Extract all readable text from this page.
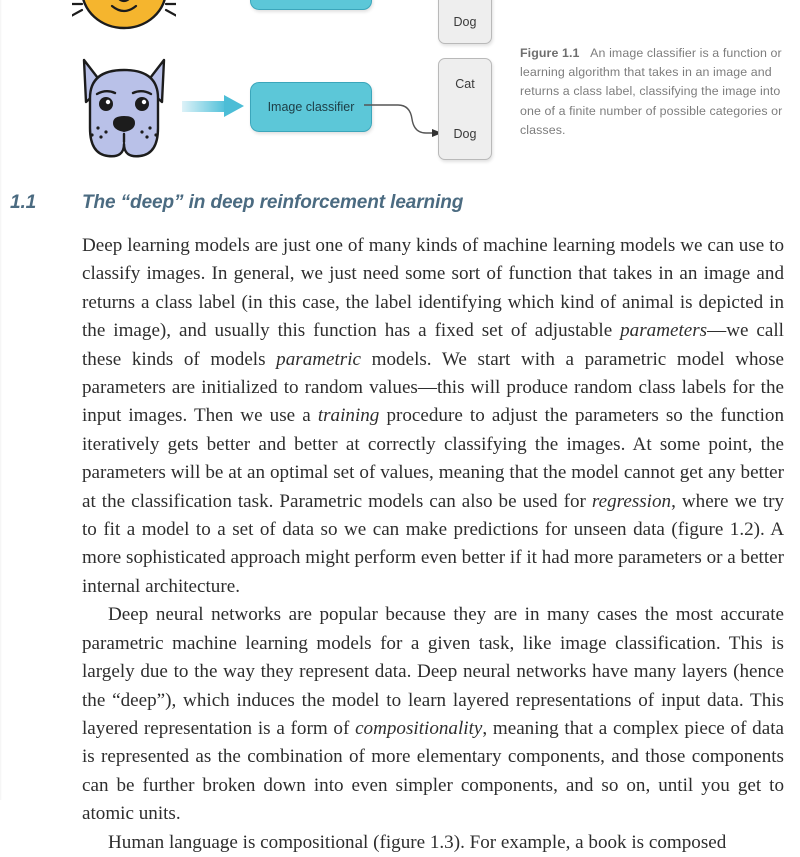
Image classifier
Dog
Cat
Dog
Figure 1.1 An image classifier is a function or learning algorithm that takes in an image and returns a class label, classifying the image into one of a finite number of possible categories or classes.
1.1	The “deep” in deep reinforcement learning

Deep learning models are just one of many kinds of machine learning models we can use to classify images. In general, we just need some sort of function that takes in an image and returns a class label (in this case, the label identifying which kind of animal is depicted in the image), and usually this function has a fixed set of adjustable parameters—we call these kinds of models parametric models. We start with a parametric model whose parameters are initialized to random values—this will produce random class labels for the input images. Then we use a training procedure to adjust the parameters so the function iteratively gets better and better at correctly classifying the images. At some point, the parameters will be at an optimal set of values, meaning that the model cannot get any better at the classification task. Parametric models can also be used for regression, where we try to fit a model to a set of data so we can make predictions for unseen data (figure 1.2). A more sophisticated approach might perform even better if it had more parameters or a better internal architecture.

Deep neural networks are popular because they are in many cases the most accurate parametric machine learning models for a given task, like image classification. This is largely due to the way they represent data. Deep neural networks have many layers (hence the “deep”), which induces the model to learn layered representations of input data. This layered representation is a form of compositionality, meaning that a complex piece of data is represented as the combination of more elementary components, and those components can be further broken down into even simpler components, and so on, until you get to atomic units.

Human language is compositional (figure 1.3). For example, a book is composed
